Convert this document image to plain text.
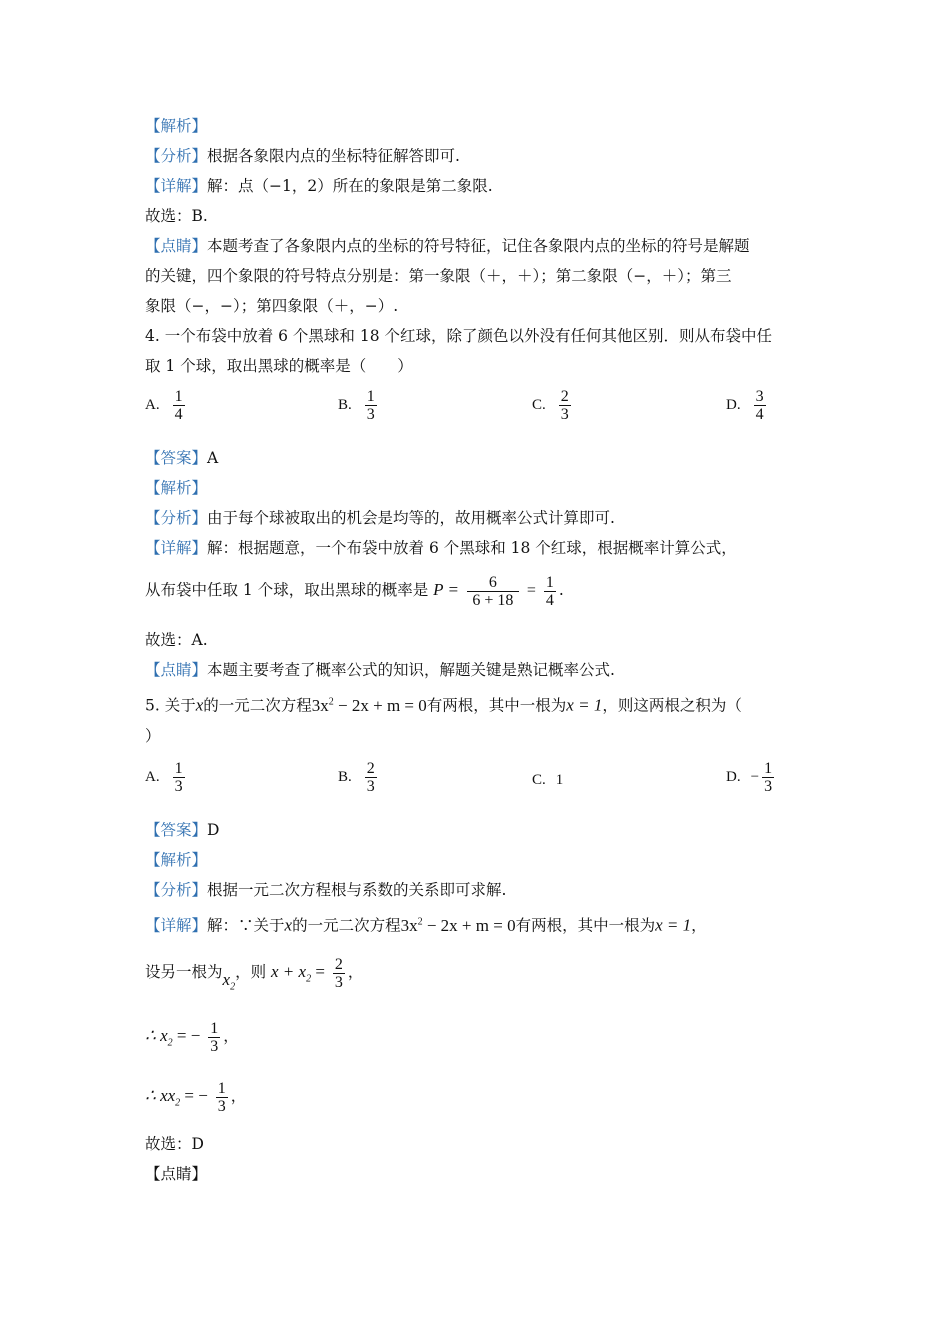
【解析】
【分析】根据各象限内点的坐标特征解答即可.
【详解】解：点（−1，2）所在的象限是第二象限.
故选：B.
【点睛】本题考查了各象限内点的坐标的符号特征，记住各象限内点的坐标的符号是解题
的关键，四个象限的符号特点分别是：第一象限（＋，＋）；第二象限（−，＋）；第三
象限（−，−）；第四象限（＋，−）.
4. 一个布袋中放着 6 个黑球和 18 个红球，除了颜色以外没有任何其他区别．则从布袋中任
取 1 个球，取出黑球的概率是（　　）
A. $\frac{1}{4}$	B. $\frac{1}{3}$	C. $\frac{2}{3}$	D. $\frac{3}{4}$
【答案】A
【解析】
【分析】由于每个球被取出的机会是均等的，故用概率公式计算即可.
【详解】解：根据题意，一个布袋中放着 6 个黑球和 18 个红球，根据概率计算公式，
从布袋中任取 1 个球，取出黑球的概率是 $P = \frac{6}{6 + 18} = \frac{1}{4}$ .
故选：A.
【点睛】本题主要考查了概率公式的知识，解题关键是熟记概率公式.
5. 关于x的一元二次方程$3x^2 - 2x + m = 0$有两根，其中一根为x = 1，则这两根之积为（
）
A. $\frac{1}{3}$	B. $\frac{2}{3}$	C. 1	D. − $\frac{1}{3}$
【答案】D
【解析】
【分析】根据一元二次方程根与系数的关系即可求解.
【详解】解：∵关于x的一元二次方程$3x^2 - 2x + m = 0$有两根，其中一根为x = 1，
设另一根为$x_2$，则 $x + x_2 = \frac{2}{3}$ ，
∴ $x_2$ = − $\frac{1}{3}$ ，
∴ $xx_2$ = − $\frac{1}{3}$ ，
故选：D
【点睛】
